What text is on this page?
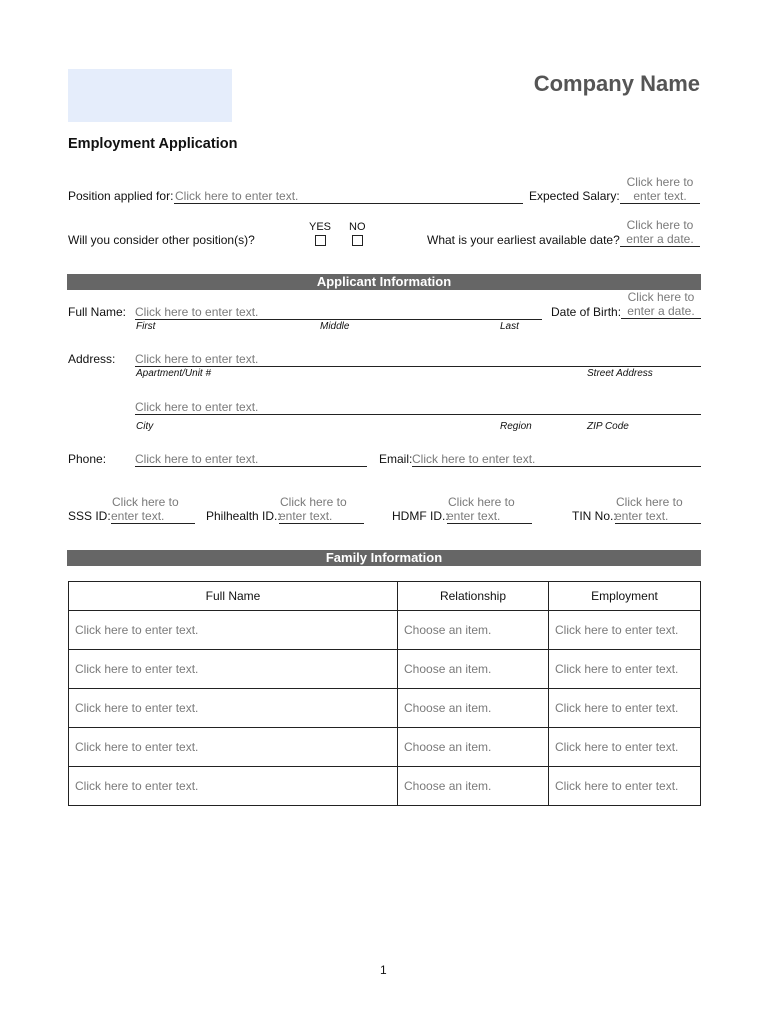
Company Name
Employment Application
Position applied for: Click here to enter text.	Expected Salary:
Click here to
enter text.
Will you consider other position(s)?
YES NO
What is your earliest available date?
Click here to
enter a date.
Applicant Information
Full Name: Click here to enter text.
First	Middle	Last
Date of Birth:
Click here to
enter a date.
Address: Click here to enter text.
Apartment/Unit #	Street Address
Click here to enter text.
City	Region	ZIP Code
Phone: Click here to enter text.	Email: Click here to enter text.
SSS ID:
Click here to
enter text.	Philhealth ID.:
Click here to
enter text.	HDMF ID.:
Click here to
enter text.	TIN No.:
Click here to
enter text.
Family Information
Full Name	Relationship	Employment
Click here to enter text.	Choose an item.	Click here to enter text.
Click here to enter text.	Choose an item.	Click here to enter text.
Click here to enter text.	Choose an item.	Click here to enter text.
Click here to enter text.	Choose an item.	Click here to enter text.
Click here to enter text.	Choose an item.	Click here to enter text.
1
